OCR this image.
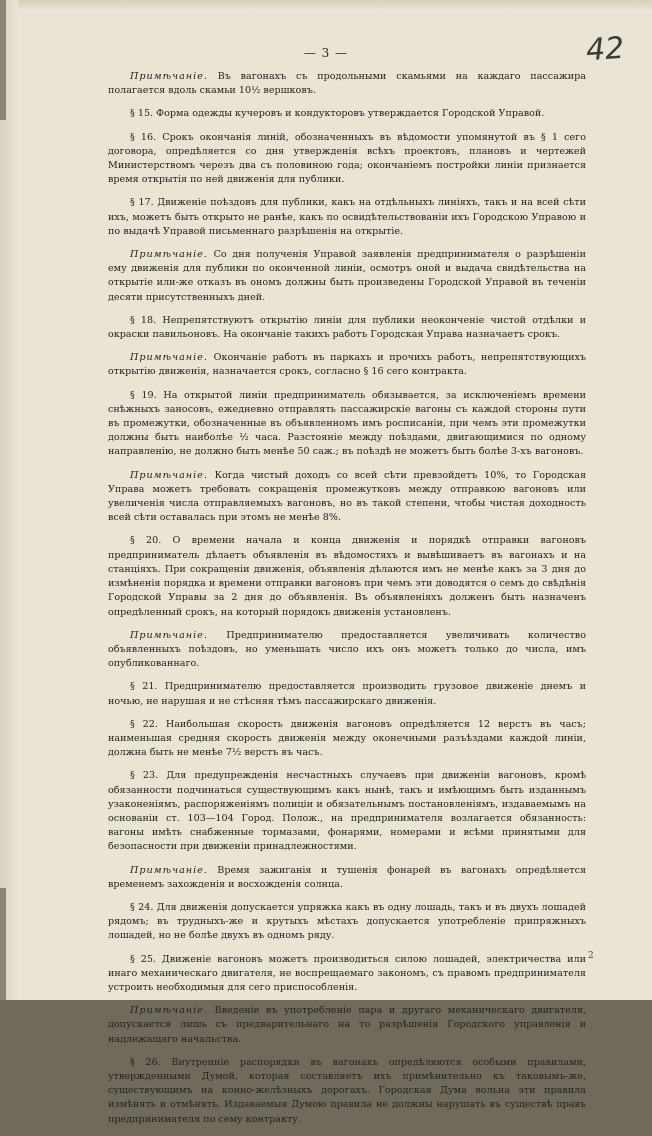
— 3 —	42

Примѣчаніе. Въ вагонахъ съ продольными скамьями на каждаго пассажира полагается вдоль скамьи 10½ вершковъ.

§ 15. Форма одежды кучеровъ и кондукторовъ утверждается Городской Управой.

§ 16. Срокъ окончанія линій, обозначенныхъ въ вѣдомости упомянутой въ § 1 сего договора, опредѣляется со дня утвержденія всѣхъ проектовъ, плановъ и чертежей Министерствомъ черезъ два съ половиною года; окончаніемъ постройки линіи признается время открытія по ней движенія для публики.

§ 17. Движеніе поѣздовъ для публики, какъ на отдѣльныхъ линіяхъ, такъ и на всей сѣти ихъ, можетъ быть открыто не ранѣе, какъ по освидѣтельствованіи ихъ Городскою Управою и по выдачѣ Управой письменнаго разрѣшенія на открытіе.

Примѣчаніе. Со дня полученія Управой заявленія предпринимателя о разрѣшеніи ему движенія для публики по оконченной линіи, осмотръ оной и выдача свидѣтельства на открытіе или-же отказъ въ ономъ должны быть произведены Городской Управой въ теченіи десяти присутственныхъ дней.

§ 18. Непрепятствуютъ открытію линіи для публики неоконченіе чистой отдѣлки и окраски павильоновъ. На окончаніе такихъ работъ Городская Управа назначаетъ срокъ.

Примѣчаніе. Окончаніе работъ въ паркахъ и прочихъ работъ, непрепятствующихъ открытію движенія, назначается срокъ, согласно § 16 сего контракта.

§ 19. На открытой линіи предприниматель обязывается, за исключеніемъ времени снѣжныхъ заносовъ, ежедневно отправлять пассажирскіе вагоны съ каждой стороны пути въ промежутки, обозначенные въ объявленномъ имъ росписаніи, при чемъ эти промежутки должны быть наиболѣе ½ часа. Разстояніе между поѣздами, двигающимися по одному направленію, не должно быть менѣе 50 саж.; въ поѣздѣ не можетъ быть болѣе 3-хъ вагоновъ.

Примѣчаніе. Когда чистый доходъ со всей сѣти превзойдетъ 10%, то Городская Управа можетъ требовать сокращенія промежутковъ между отправкою вагоновъ или увеличенія числа отправляемыхъ вагоновъ, но въ такой степени, чтобы чистая доходность всей сѣти оставалась при этомъ не менѣе 8%.

§ 20. О времени начала и конца движенія и порядкѣ отправки вагоновъ предприниматель дѣлаетъ объявленія въ вѣдомостяхъ и вывѣшиваетъ въ вагонахъ и на станціяхъ. При сокращеніи движенія, объявленія дѣлаются имъ не менѣе какъ за 3 дня до измѣненія порядка и времени отправки вагоновъ при чемъ эти доводятся о семъ до свѣдѣнія Городской Управы за 2 дня до объявленія. Въ объявленіяхъ долженъ быть назначенъ опредѣленный срокъ, на который порядокъ движенія установленъ.

Примѣчаніе. Предпринимателю предоставляется увеличивать количество объявленныхъ поѣздовъ, но уменьшать число ихъ онъ можетъ только до числа, имъ опубликованнаго.

§ 21. Предпринимателю предоставляется производить грузовое движеніе днемъ и ночью, не нарушая и не стѣсняя тѣмъ пассажирскаго движенія.

§ 22. Наибольшая скорость движенія вагоновъ опредѣляется 12 верстъ въ часъ; наименьшая средняя скорость движенія между оконечными разъѣздами каждой линіи, должна быть не менѣе 7½ верстъ въ часъ.

§ 23. Для предупрежденія несчастныхъ случаевъ при движеніи вагоновъ, кромѣ обязанности подчинаться существующимъ какъ нынѣ, такъ и имѣющимъ быть изданнымъ узаконеніямъ, распоряженіямъ полиціи и обязательнымъ постановленіямъ, издаваемымъ на основаніи ст. 103—104 Город. Полож., на предпринимателя возлагается обязанность: вагоны имѣть снабженные тормазами, фонарями, номерами и всѣми принятыми для безопасности при движеніи принадлежностями.

Примѣчаніе. Время зажиганія и тушенія фонарей въ вагонахъ опредѣляется временемъ захожденія и восхожденія солнца.

§ 24. Для движенія допускается упряжка какъ въ одну лошадь, такъ и въ двухъ лошадей рядомъ; въ трудныхъ-же и крутыхъ мѣстахъ допускается употребленіе припряжныхъ лошадей, но не болѣе двухъ въ одномъ ряду.

§ 25. Движеніе вагоновъ можетъ производиться силою лошадей, электричества или инаго механическаго двигателя, не воспрещаемаго закономъ, съ правомъ предпринимателя устроить необходимыя для сего приспособленія.

Примѣчаніе. Введеніе въ употребленіе пара и другаго механическаго двигателя, допускается лишь съ предварительнаго на то разрѣшенія Городского управленія и надлежащаго начальства.

§ 26. Внутренніе распорядки въ вагонахъ опредѣляются особыми правилами, утвержденными Думой, которая составляетъ ихъ примѣнительно къ таковымъ-же, существующимъ на конно-желѣзныхъ дорогахъ. Городская Дума вольна эти правила измѣнять и отмѣнять. Издаваемыя Думою правила не должны нарушать въ существѣ правъ предпринимателя по сему контракту.

2
